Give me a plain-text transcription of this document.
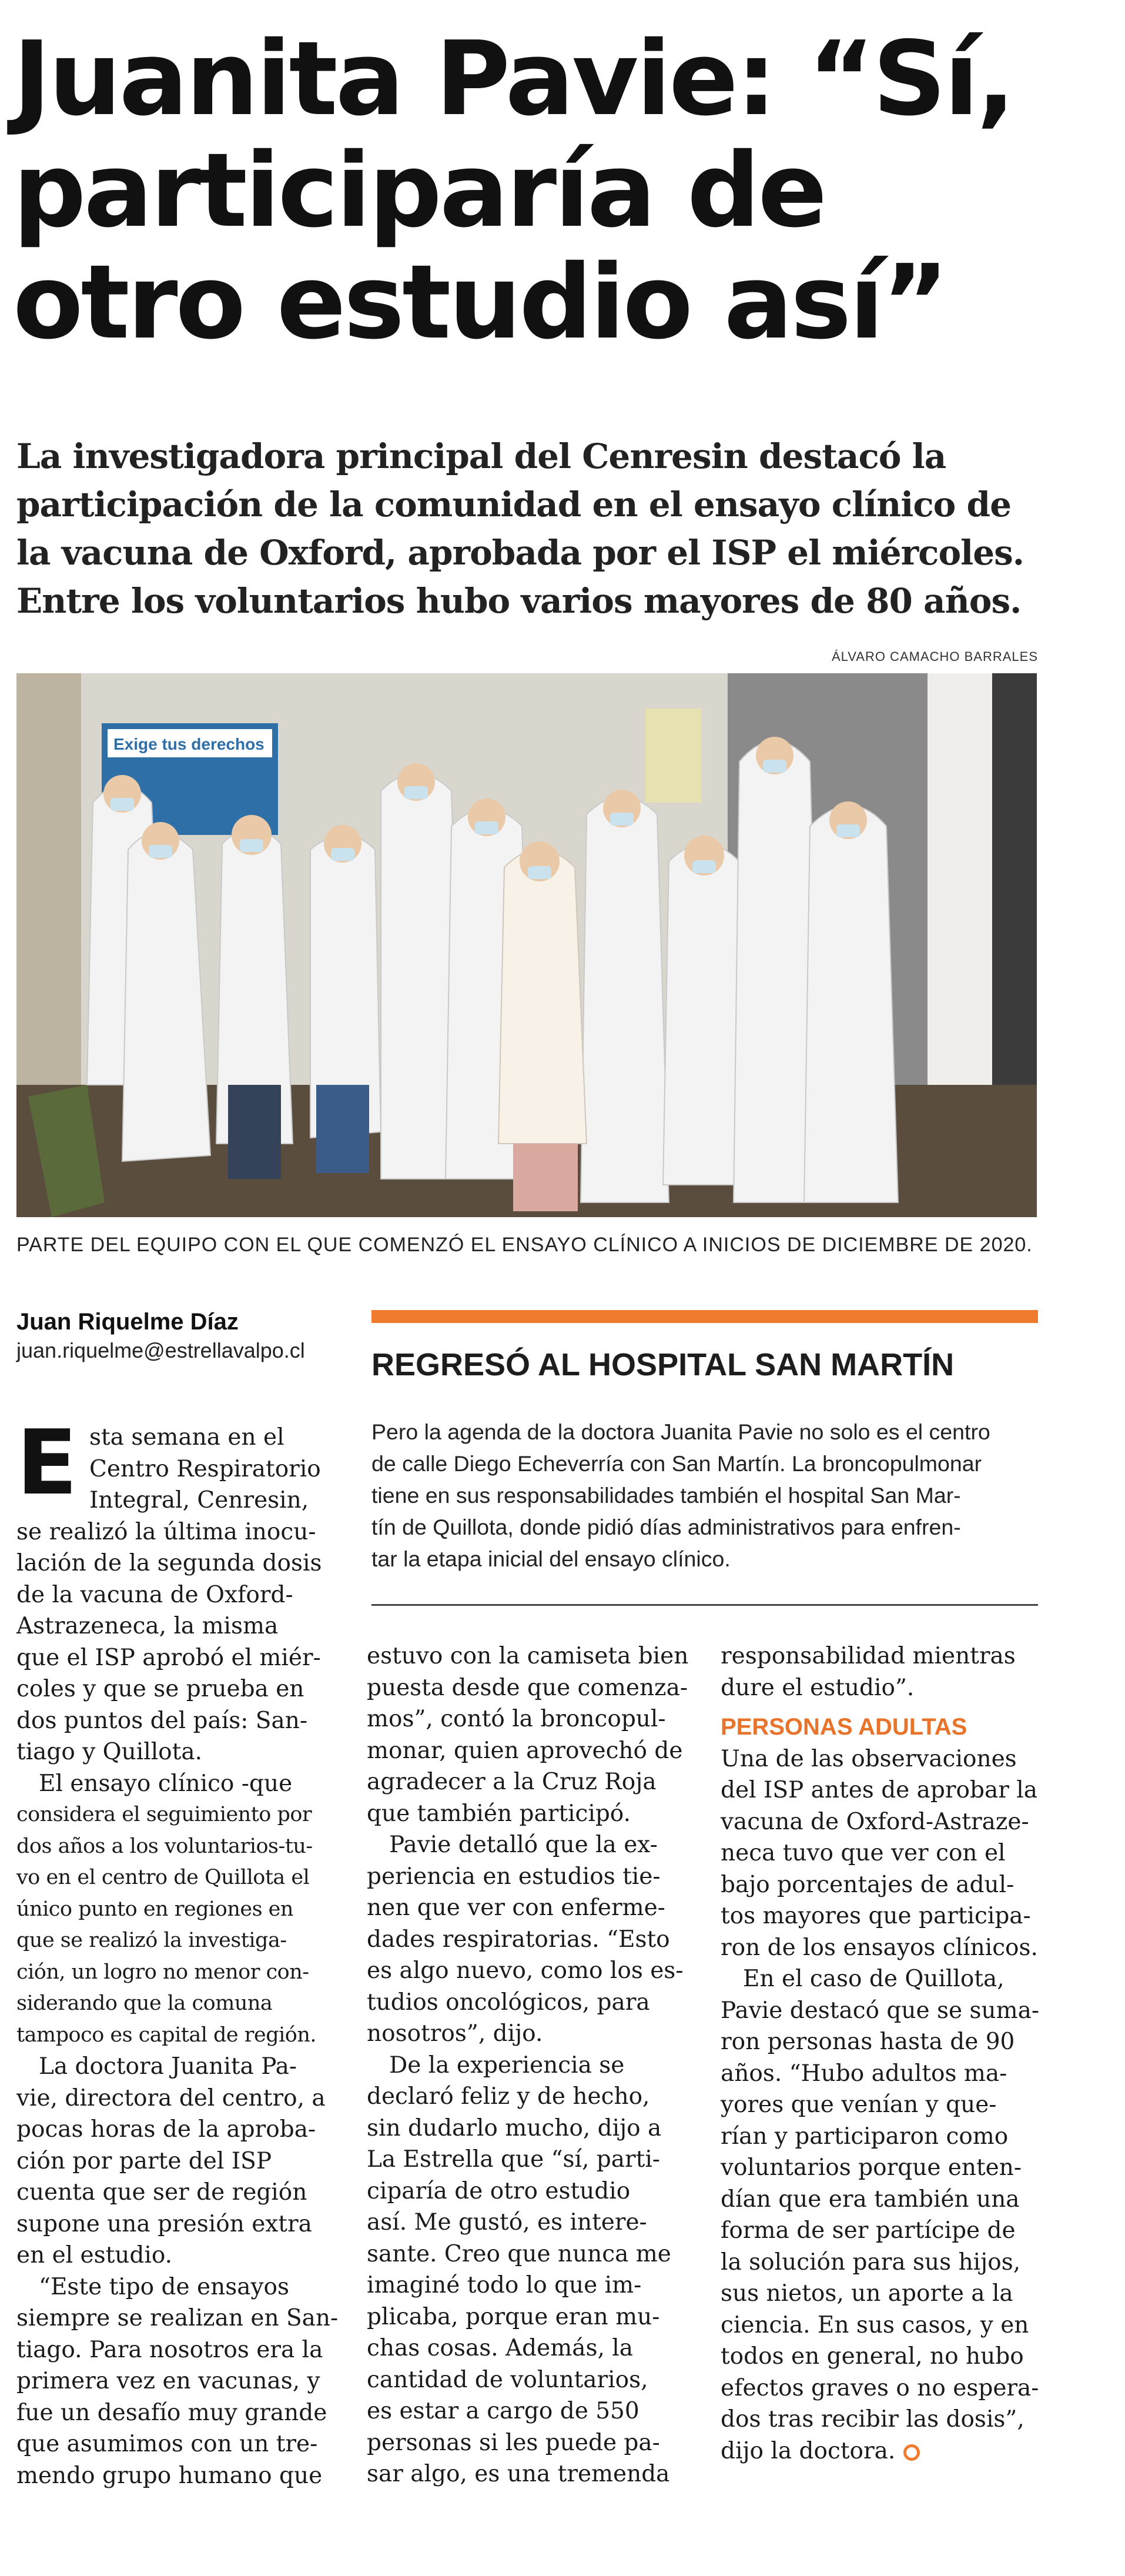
Juanita Pavie: “Sí,
participaría de
otro estudio así”
La investigadora principal del Cenresin destacó la
participación de la comunidad en el ensayo clínico de
la vacuna de Oxford, aprobada por el ISP el miércoles.
Entre los voluntarios hubo varios mayores de 80 años.
ÁLVARO CAMACHO BARRALES
Exige tus derechos
PARTE DEL EQUIPO CON EL QUE COMENZÓ EL ENSAYO CLÍNICO A INICIOS DE DICIEMBRE DE 2020.
Juan Riquelme Díaz
juan.riquelme@estrellavalpo.cl REGRESÓ AL HOSPITAL SAN MARTÍN
Pero la agenda de la doctora Juanita Pavie no solo es el centro
de calle Diego Echeverría con San Martín. La broncopulmonar
tiene en sus responsabilidades también el hospital San Mar-
tín de Quillota, donde pidió días administrativos para enfren-
tar la etapa inicial del ensayo clínico.
E sta semana en el
Centro Respiratorio
Integral, Cenresin,
se realizó la última inocu-
lación de la segunda dosis
de la vacuna de Oxford-
Astrazeneca, la misma
que el ISP aprobó el miér-
coles y que se prueba en
dos puntos del país: San-
tiago y Quillota.
El ensayo clínico -que
considera el seguimiento por
dos años a los voluntarios-tu-
vo en el centro de Quillota el
único punto en regiones en
que se realizó la investiga-
ción, un logro no menor con-
siderando que la comuna
tampoco es capital de región.
La doctora Juanita Pa-
vie, directora del centro, a
pocas horas de la aproba-
ción por parte del ISP
cuenta que ser de región
supone una presión extra
en el estudio.
“Este tipo de ensayos
siempre se realizan en San-
tiago. Para nosotros era la
primera vez en vacunas, y
fue un desafío muy grande
que asumimos con un tre-
mendo grupo humano que
estuvo con la camiseta bien
puesta desde que comenza-
mos”, contó la broncopul-
monar, quien aprovechó de
agradecer a la Cruz Roja
que también participó.
Pavie detalló que la ex-
periencia en estudios tie-
nen que ver con enferme-
dades respiratorias. “Esto
es algo nuevo, como los es-
tudios oncológicos, para
nosotros”, dijo.
De la experiencia se
declaró feliz y de hecho,
sin dudarlo mucho, dijo a
La Estrella que “sí, parti-
ciparía de otro estudio
así. Me gustó, es intere-
sante. Creo que nunca me
imaginé todo lo que im-
plicaba, porque eran mu-
chas cosas. Además, la
cantidad de voluntarios,
es estar a cargo de 550
personas si les puede pa-
sar algo, es una tremenda
responsabilidad mientras
dure el estudio”.
PERSONAS ADULTAS
Una de las observaciones
del ISP antes de aprobar la
vacuna de Oxford-Astraze-
neca tuvo que ver con el
bajo porcentajes de adul-
tos mayores que participa-
ron de los ensayos clínicos.
En el caso de Quillota,
Pavie destacó que se suma-
ron personas hasta de 90
años. “Hubo adultos ma-
yores que venían y que-
rían y participaron como
voluntarios porque enten-
dían que era también una
forma de ser partícipe de
la solución para sus hijos,
sus nietos, un aporte a la
ciencia. En sus casos, y en
todos en general, no hubo
efectos graves o no espera-
dos tras recibir las dosis”,
dijo la doctora.
